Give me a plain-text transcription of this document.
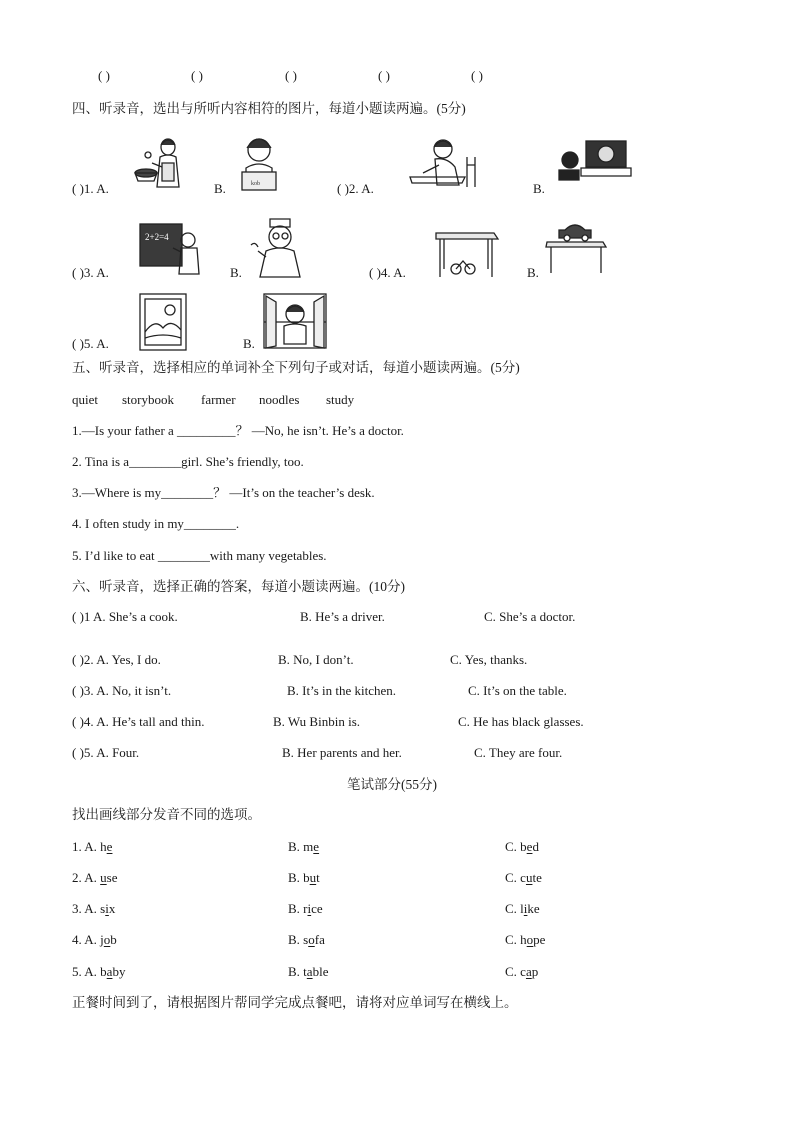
( )	( )	( )	( )	( )
四、听录音，选出与所听内容相符的图片，每道小题读两遍。(5分)
( )1. A.	B.	kob	( )2. A.	B.
( )3. A.
2+2=4
B.	( )4. A.	B.
( )5. A.	B.
五、听录音，选择相应的单词补全下列句子或对话，每道小题读两遍。(5分)
quiet storybook farmer noodles study
1.—Is your father a _________？ —No, he isn’t. He’s a doctor.
2. Tina is a________girl. She’s friendly, too.
3.—Where is my________？ —It’s on the teacher’s desk.
4. I often study in my________.
5. I’d like to eat ________with many vegetables.
六、听录音，选择正确的答案，每道小题读两遍。(10分)
( )1 A. She’s a cook.	B. He’s a driver.	C. She’s a doctor.
( )2. A. Yes, I do.	B. No, I don’t.	C. Yes, thanks.
( )3. A. No, it isn’t.	B. It’s in the kitchen.	C. It’s on the table.
( )4. A. He’s tall and thin.	B. Wu Binbin is.	C. He has black glasses.
( )5. A. Four.	B. Her parents and her.	C. They are four.
笔试部分(55分)
找出画线部分发音不同的选项。
1. A. he	B. me	C. bed
2. A. use	B. but	C. cute
3. A. six	B. rice	C. like
4. A. job	B. sofa	C. hope
5. A. baby	B. table	C. cap
正餐时间到了，请根据图片帮同学完成点餐吧，请将对应单词写在横线上。
